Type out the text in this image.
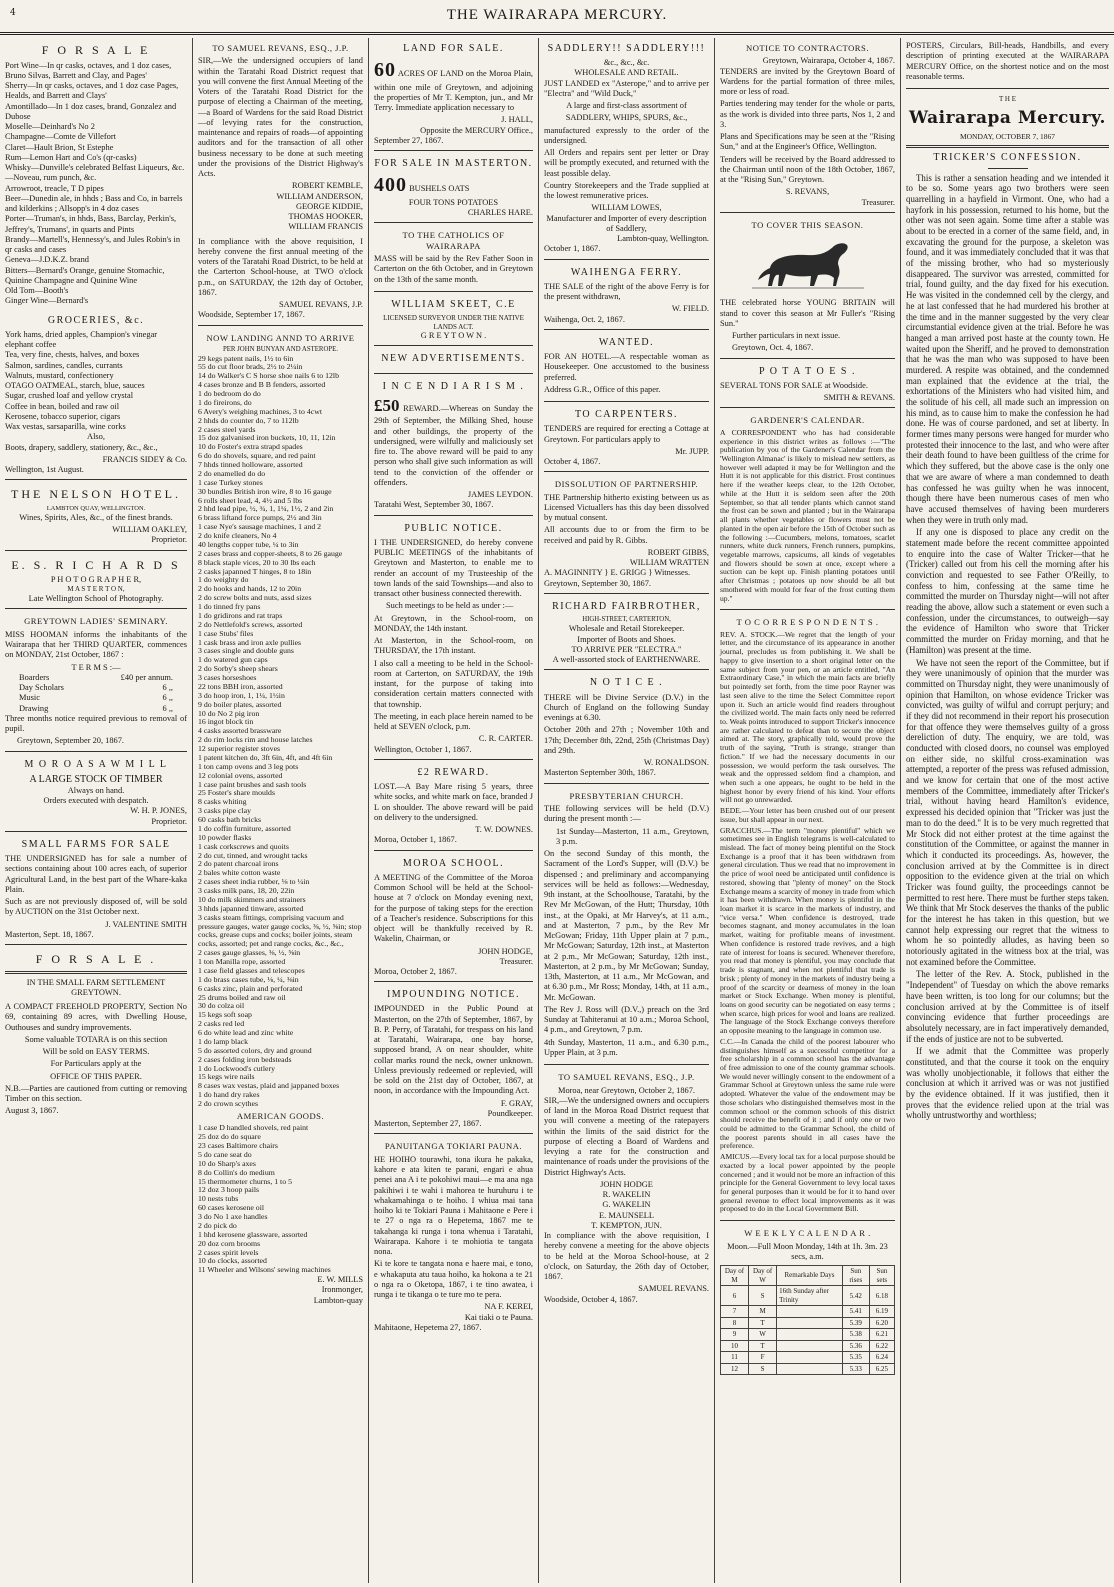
4	THE WAIRARAPA MERCURY.
F O R S A L E
Port Wine—In qr casks, octaves, and 1 doz cases, Bruno Silvas, Barrett and Clay, and Pages'
Sherry—In qr casks, octaves, and 1 doz case Pages, Healds, and Barrett and Clays'
Amontillado—In 1 doz cases, brand, Gonzalez and Dubose
Moselle—Deinhard's No 2
Champagne—Comte de Villefort
Claret—Hault Brion, St Estephe
Rum—Lemon Hart and Co's (qr-casks)
Whisky—Dunville's celebrated Belfast Liqueurs, &c.—Noveau, rum punch, &c.
Arrowroot, treacle, T D pipes
Beer—Dunedin ale, in hhds ; Bass and Co, in barrels and kilderkins ; Allsopp's in 4 doz cases
Porter—Truman's, in hhds, Bass, Barclay, Perkin's, Jeffrey's, Trumans', in quarts and Pints
Brandy—Martell's, Hennessy's, and Jules Robin's in qr casks and cases
Geneva—J.D.K.Z. brand
Bitters—Bernard's Orange, genuine Stomachic, Quinine Champagne and Quinine Wine
Old Tom—Booth's
Ginger Wine—Bernard's
GROCERIES, &c.
York hams, dried apples, Champion's vinegar elephant coffee
Tea, very fine, chests, halves, and boxes
Salmon, sardines, candles, currants
Walnuts, mustard, confectionery
OTAGO OATMEAL, starch, blue, sauces
Sugar, crushed loaf and yellow crystal
Coffee in bean, boiled and raw oil
Kerosene, tobacco superior, cigars
Wax vestas, sarsaparilla, wine corks
Also,

Boots, drapery, saddlery, stationery, &c., &c.,

FRANCIS SIDEY & Co.
Wellington, 1st August.
THE NELSON HOTEL.
LAMBTON QUAY, WELLINGTON.

Wines, Spirits, Ales, &c., of the finest brands.

WILLIAM OAKLEY,
Proprietor.
E. S. R I C H A R D S
P H O T O G R A P H E R,
M A S T E R T O N,
Late Wellington School of Photography.
GREYTOWN LADIES' SEMINARY.

MISS HOOMAN informs the inhabitants of the Wairarapa that her THIRD QUARTER, commences on MONDAY, 21st October, 1867 :

T E R M S :—
Boarders	£40 per annum.
Day Scholars	6 ,,
Music	6 ,,
Drawing	6 ,,

Three months notice required previous to removal of pupil.

Greytown, September 20, 1867.
M O R O A S A W M I L L
A LARGE STOCK OF TIMBER
Always on hand.
Orders executed with despatch.
W. H. P. JONES,
Proprietor.
SMALL FARMS FOR SALE

THE UNDERSIGNED has for sale a number of sections containing about 100 acres each, of superior Agricultural Land, in the best part of the Whare-kaka Plain.

Such as are not previously disposed of, will be sold by AUCTION on the 31st October next.

J. VALENTINE SMITH
Masterton, Sept. 18, 1867.
F O R S A L E .
IN THE SMALL FARM SETTLEMENT GREYTOWN.

A COMPACT FREEHOLD PROPERTY, Section No 69, containing 89 acres, with Dwelling House, Outhouses and sundry improvements.

Some valuable TOTARA is on this section

Will be sold on EASY TERMS.

For Particulars apply at the

OFFICE OF THIS PAPER.

N.B.—Parties are cautioned from cutting or removing Timber on this section.

August 3, 1867.
TO SAMUEL REVANS, ESQ., J.P.

SIR,—We the undersigned occupiers of land within the Taratahi Road District request that you will convene the first Annual Meeting of the Voters of the Taratahi Road District for the purpose of electing a Chairman of the meeting,—a Board of Wardens for the said Road District—of levying rates for the construction, maintenance and repairs of roads—of appointing auditors and for the transaction of all other business necessary to be done at such meeting under the provisions of the District Highway's Acts.

ROBERT KEMBLE,
WILLIAM ANDERSON,
GEORGE KIDDIE,
THOMAS HOOKER,
WILLIAM FRANCIS

In compliance with the above requisition, I hereby convene the first annual meeting of the voters of the Taratahi Road District, to be held at the Carterton School-house, at TWO o'clock p.m., on SATURDAY, the 12th day of October, 1867.

SAMUEL REVANS, J.P.
Woodside, September 17, 1867.
NOW LANDING ANND TO ARRIVE
PER JOHN BUNYAN AND ASTEROPE.
29 kegs patent nails, 1½ to 6in
55 do cut floor brads, 2½ to 2¼in
14 do Walker's C S horse shoe nails 6 to 12lb
4 cases bronze and B B fenders, assorted
1 do bedroom do do
1 do fireirons, do
6 Avery's weighing machines, 3 to 4cwt
2 hhds do counter do, 7 to 112lb
2 cases steel yards
15 doz galvanised iron buckets, 10, 11, 12in
10 do Foster's extra strapd spades
6 do do shovels, square, and red paint
7 hhds tinned holloware, assorted
2 do enamelled do do
1 case Turkey stones
30 bundles British iron wire, 8 to 16 gauge
6 rolls sheet lead, 4, 4½ and 5 lbs
2 hhd lead pipe, ½, ¾, 1, 1¼, 1½, 2 and 2in
6 brass liftand force pumps, 2½ and 3in
1 case Nye's sausage machines, 1 and 2
2 do knife cleaners, No 4
40 lengths copper tube, ¼ to 3in
2 cases brass and copper-sheets, 8 to 26 gauge
8 black staple vices, 20 to 30 lbs each
2 casks japanned T hinges, 8 to 18in
1 do weighty do
2 do hooks and hands, 12 to 20in
2 do screw bolts and nuts, assd sizes
1 do tinned fry pans
1 do gridirons and rat traps
2 do Nettlefold's screws, assorted
1 case Stubs' files
1 cask brass and iron axle pullies
3 cases single and double guns
1 do watered gun caps
2 do Sorby's sheep shears
3 cases horseshoes
22 tons BBH iron, assorted
3 do hoop iron, 1, 1¼, 1½in
9 do boiler plates, assorted
10 do No 2 pig iron
16 ingot block tin
4 casks assorted brassware
2 do rim locks rim and house latches
12 superior register stoves
1 patent kitchen do, 3ft 6in, 4ft, and 4ft 6in
1 ton camp ovens and 3 leg pots
12 colonial ovens, assorted
1 case paint brushes and sash tools
25 Foster's share moulds
8 casks whiting
3 casks pipe clay
60 casks bath bricks
1 do coffin furniture, assorted
10 powder flasks
1 cask corkscrews and quoits
2 do cut, tinned, and wrought tacks
2 do patent charcoal irons
2 bales white cotton waste
2 cases sheet india rubber, ⅛ to ¼in
3 casks milk pans, 18, 20, 22in
10 do milk skimmers and strainers
3 hhds japanned tinware, assorted
3 casks steam fittings, comprising vacuum and pressure gauges, water gauge cocks, ⅜, ½, ⅝in; stop cocks, grease cups and cocks; boiler joints, steam cocks, assorted; pet and range cocks, &c., &c.,
2 cases gauge glasses, ⅜, ½, ⅝in
1 ton Manilla rope, assorted
1 case field glasses and telescopes
1 do brass cases tube, ⅛, ¼, ⅜in
6 casks zinc, plain and perforated
25 drums boiled and raw oil
30 do colza oil
15 kegs soft soap
2 casks red led
6 do white lead and zinc white
1 do lamp black
5 do assorted colors, dry and ground
2 cases folding iron bedsteads
1 do Lockwood's cutlery
15 kegs wire nails
8 cases wax vestas, plaid and jappaned boxes
1 do hand dry rakes
2 do crown scythes
AMERICAN GOODS.
1 case D handled shovels, red paint
25 doz do do square
23 cases Baltimore chairs
5 do cane seat do
10 do Sharp's axes
8 do Collin's do medium
15 thermometer churns, 1 to 5
12 doz 3 hoop pails
10 nests tubs
60 cases kerosene oil
3 do No 1 axe handles
2 do pick do
1 hhd kerosene glassware, assorted
20 doz corn brooms
2 cases spirit levels
10 do clocks, assorted
11 Wheeler and Wilsons' sewing machines
E. W. MILLS
Ironmonger,
Lambton-quay
LAND FOR SALE.

60 ACRES OF LAND on the Moroa Plain, within one mile of Greytown, and adjoining the properties of Mr T. Kempton, jun., and Mr Terry. Immediate application necessary to

J. HALL,
Opposite the MERCURY Office.,
September 27, 1867.
FOR SALE IN MASTERTON.
400 BUSHELS OATS
FOUR TONS POTATOES
CHARLES HARE.
TO THE CATHOLICS OF WAIRARAPA

MASS will be said by the Rev Father Soon in Carterton on the 6th October, and in Greytown on the 13th of the same month.

WILLIAM SKEET, C.E
LICENSED SURVEYOR UNDER THE NATIVE LANDS ACT.
G R E Y T O W N .
NEW ADVERTISEMENTS.
I N C E N D I A R I S M .

£50 REWARD.—Whereas on Sunday the 29th of September, the Milking Shed, house and other buildings, the property of the undersigned, were wilfully and maliciously set fire to. The above reward will be paid to any person who shall give such information as will tend to the conviction of the offender or offenders.

JAMES LEYDON.
Taratahi West, September 30, 1867.
PUBLIC NOTICE.

I THE UNDERSIGNED, do hereby convene PUBLIC MEETINGS of the inhabitants of Greytown and Masterton, to enable me to render an account of my Trusteeship of the town lands of the said Townships—and also to transact other business connected therewith.

Such meetings to be held as under :—

At Greytown, in the School-room, on MONDAY, the 14th instant.

At Masterton, in the School-room, on THURSDAY, the 17th instant.

I also call a meeting to be held in the School-room at Carterton, on SATURDAY, the 19th instant, for the purpose of taking into consideration certain matters connected with that township.

The meeting, in each place herein named to be held at SEVEN o'clock, p.m.

C. R. CARTER.
Wellington, October 1, 1867.
£2 REWARD.

LOST.—A Bay Mare rising 5 years, three white socks, and white mark on face, branded J L on shoulder. The above reward will be paid on delivery to the undersigned.

T. W. DOWNES.
Moroa, October 1, 1867.
MOROA SCHOOL.

A MEETING of the Committee of the Moroa Common School will be held at the School-house at 7 o'clock on Monday evening next, for the purpose of taking steps for the erection of a Teacher's residence. Subscriptions for this object will be thankfully received by R. Wakelin, Chairman, or

JOHN HODGE,
Treasurer.
Moroa, October 2, 1867.
IMPOUNDING NOTICE.

IMPOUNDED in the Public Pound at Masterton, on the 27th of September, 1867, by B. P. Perry, of Taratahi, for trespass on his land at Taratahi, Wairarapa, one bay horse, supposed brand, A on near shoulder, white collar marks round the neck, owner unknown. Unless previously redeemed or replevied, will be sold on the 21st day of October, 1867, at noon, in accordance with the Impounding Act.

F. GRAY,
Poundkeeper.
Masterton, September 27, 1867.
PANUITANGA TOKIARI PAUNA.

HE HOIHO tourawhi, tona ikura he pakaka, kahore e ata kiten te parani, engari e ahua penei ana A i te pokohiwi maui—e ma ana nga pakihiwi i te wahi i mahorea te huruhuru i te whakamahinga o te hoiho. I whiua mai tana hoiho ki te Tokiari Pauna i Mahitaone e Pere i te 27 o nga ra o Hepetema, 1867 me te takahanga ki runga i tona whenua i Taratahi, Wairarapa. Kahore i te mohiotia te tangata nona.

Ki te kore te tangata nona e haere mai, e tono, e whakaputa atu taua hoiho, ka hokona a te 21 o nga ra o Oketopa, 1867, i te tino awatea, i runga i te tikanga o te ture mo te pera.

NA F. KEREI,
Kai tiaki o te Pauna.
Mahitaone, Hepetema 27, 1867.
SADDLERY!! SADDLERY!!!
&c., &c., &c.
WHOLESALE AND RETAIL.

JUST LANDED ex "Asterope," and to arrive per "Electra" and "Wild Duck,"

A large and first-class assortment of

SADDLERY, WHIPS, SPURS, &c.,

manufactured expressly to the order of the undersigned.

All Orders and repairs sent per letter or Dray will be promptly executed, and returned with the least possible delay.

Country Storekeepers and the Trade supplied at the lowest remunerative prices.

WILLIAM LOWES,
Manufacturer and Importer of every description of Saddlery,
Lambton-quay, Wellington.
October 1, 1867.
WAIHENGA FERRY.

THE SALE of the right of the above Ferry is for the present withdrawn,

W. FIELD.
Waihenga, Oct. 2, 1867.
WANTED.

FOR AN HOTEL.—A respectable woman as Housekeeper. One accustomed to the business preferred.

Address G.R., Office of this paper.

TO CARPENTERS.

TENDERS are required for erecting a Cottage at Greytown. For particulars apply to

Mr. JUPP.
October 4, 1867.
DISSOLUTION OF PARTNERSHIP.

THE Partnership hitherto existing between us as Licensed Victuallers has this day been dissolved by mutual consent.

All accounts due to or from the firm to be received and paid by R. Gibbs.

ROBERT GIBBS,
WILLIAM WRATTEN
A. MAGINNITY } E. GRIGG } Witnesses.
Greytown, September 30, 1867.
RICHARD FAIRBROTHER,
HIGH-STREET, CARTERTON,
Wholesale and Retail Storekeeper.
Importer of Boots and Shoes.
TO ARRIVE PER "ELECTRA."
A well-assorted stock of EARTHENWARE.
N O T I C E .

THERE will be Divine Service (D.V.) in the Church of England on the following Sunday evenings at 6.30.

October 20th and 27th ; November 10th and 17th; December 8th, 22nd, 25th (Christmas Day) and 29th.

W. RONALDSON.
Masterton September 30th, 1867.
PRESBYTERIAN CHURCH.

THE following services will be held (D.V.) during the present month :—

1st Sunday—Masterton, 11 a.m., Greytown, 3 p.m.

On the second Sunday of this month, the Sacrament of the Lord's Supper, will (D.V.) be dispensed ; and preliminary and accompanying services will be held as follows:—Wednesday, 9th instant, at the Schoolhouse, Taratahi, by the Rev Mr McGowan, of the Hutt; Thursday, 10th inst., at the Opaki, at Mr Harvey's, at 11 a.m., and at Masterton, 7 p.m., by the Rev Mr McGowan; Friday, 11th Upper plain at 7 p.m., Mr McGowan; Saturday, 12th inst., at Masterton at 2 p.m., Mr McGowan; Saturday, 12th inst., Masterton, at 2 p.m., by Mr McGowan; Sunday, 13th, Masterton, at 11 a.m., Mr McGowan, and at 6.30 p.m., Mr Ross; Monday, 14th, at 11 a.m., Mr. McGowan.

The Rev J. Ross will (D.V.,) preach on the 3rd Sunday at Tahiteranui at 10 a.m.; Moroa School, 4 p.m., and Greytown, 7 p.m.

4th Sunday, Masterton, 11 a.m., and 6.30 p.m., Upper Plain, at 3 p.m.

TO SAMUEL REVANS, ESQ., J.P.
Moroa, near Greytown, October 2, 1867.

SIR,—We the undersigned owners and occupiers of land in the Moroa Road District request that you will convene a meeting of the ratepayers within the limits of the said district for the purpose of electing a Board of Wardens and levying a rate for the construction and maintenance of roads under the provisions of the District Highway's Acts.

JOHN HODGE
R. WAKELIN
G. WAKELIN
E. MAUNSELL
T. KEMPTON, JUN.

In compliance with the above requisition, I hereby convene a meeting for the above objects to be held at the Moroa School-house, at 2 o'clock, on Saturday, the 26th day of October, 1867.

SAMUEL REVANS.
Woodside, October 4, 1867.
NOTICE TO CONTRACTORS.
Greytown, Wairarapa, October 4, 1867.

TENDERS are invited by the Greytown Board of Wardens for the partial formation of three miles, more or less of road.

Parties tendering may tender for the whole or parts, as the work is divided into three parts, Nos 1, 2 and 3.

Plans and Specifications may be seen at the "Rising Sun," and at the Engineer's Office, Wellington.

Tenders will be received by the Board addressed to the Chairman until noon of the 18th October, 1867, at the "Rising Sun," Greytown.

S. REVANS,
Treasurer.
TO COVER THIS SEASON.

THE celebrated horse YOUNG BRITAIN will stand to cover this season at Mr Fuller's "Rising Sun."

Further particulars in next issue.

Greytown, Oct. 4, 1867.
P O T A T O E S .

SEVERAL TONS FOR SALE at Woodside.

SMITH & REVANS.
GARDENER'S CALENDAR.

A CORRESPONDENT who has had considerable experience in this district writes as follows :—"The publication by you of the Gardener's Calendar from the 'Wellington Almanac' is likely to mislead new settlers, as however well adapted it may be for Wellington and the Hutt it is not applicable for this district. Frost continues here if the weather keeps clear, to the 12th October, while at the Hutt it is seldom seen after the 20th September, so that all tender plants which cannot stand the frost can be sown and planted ; but in the Wairarapa all plants whether vegetables or flowers must not be planted in the open air before the 15th of October such as the following :—Cucumbers, melons, tomatoes, scarlet runners, white duck runners, French runners, pumpkins, vegetable marrows, capsicums, all kinds of vegetables and flowers should be sown at once, except where a suction can be kept up. Finish planting potatoes until after Christmas ; potatoes up now should be all but smothered with mould for fear of the frost cutting them up."

T O C O R R E S P O N D E N T S .

REV. A. STOCK.—We regret that the length of your letter, and the circumstance of its appearance in another journal, precludes us from publishing it. We shall be happy to give insertion to a short original letter on the same subject from your pen, or an article entitled, "An Extraordinary Case," in which the main facts are briefly but pointedly set forth, from the time poor Rayner was last seen alive to the time the Select Committee report upon it. Such an article would find readers throughout the civilized world. The main facts only need be referred to. Weak points introduced to support Tricker's innocence are rather calculated to defeat than to secure the object aimed at. The story, graphically told, would prove the truth of the saying, "Truth is strange, stranger than fiction." If we had the necessary documents in our possession, we would perform the task ourselves. The weak and the oppressed seldom find a champion, and when such a one appears, he ought to be held in the highest honor by every friend of his kind. Your efforts will not go unrewarded.

BEDE.—Your letter has been crushed out of our present issue, but shall appear in our next.

GRACCHUS.—The term "money plentiful" which we sometimes see in English telegrams is well-calculated to mislead. The fact of money being plentiful on the Stock Exchange is a proof that it has been withdrawn from general circulation. Thus we read that no improvement in the price of wool need be anticipated until confidence is restored, showing that "plenty of money" on the Stock Exchange means a scarcity of money in trade from which it has been withdrawn. When money is plentiful in the loan market it is scarce in the markets of industry, and "vice versa." When confidence is destroyed, trade becomes stagnant, and money accumulates in the loan market, waiting for profitable means of investment. When confidence is restored trade revives, and a high rate of interest for loans is secured. Whenever therefore, you read that money is plentiful, you may conclude that trade is stagnant, and when not plentiful that trade is brisk ; plenty of money in the markets of industry being a proof of the scarcity or dearness of money in the loan market or Stock Exchange. When money is plentiful, loans on good security can be negotiated on easy terms ; when scarce, high prices for wool and loans are realized. The language of the Stock Exchange conveys therefore an opposite meaning to the language in common use.

C.C.—In Canada the child of the poorest labourer who distinguishes himself as a successful competitor for a free scholarship in a common school has the advantage of free admission to one of the county grammar schools. We would never willingly consent to the endowment of a Grammar School at Greytown unless the same rule were adopted. Whatever the value of the endowment may be those scholars who distinguished themselves most in the common school or the common schools of this district should receive the benefit of it ; and if only one or two could be admitted to the Grammar School, the child of the poorest parents should in all cases have the preference.

AMICUS.—Every local tax for a local purpose should be exacted by a local power appointed by the people concerned ; and it would not be more an infraction of this principle for the General Government to levy local taxes for general purposes than it would be for it to hand over general revenue to effect local improvements as it was proposed to do in the Local Government Bill.

W E E K L Y C A L E N D A R .
Moon.—Full Moon Monday, 14th at 1h. 3m. 23 secs, a.m.
Day of M	Day of W	Remarkable Days	Sun rises	Sun sets
6	S	16th Sunday after Trinity	5.42	6.18
7	M		5.41	6.19
8	T		5.39	6.20
9	W		5.38	6.21
10	T		5.36	6.22
11	F		5.35	6.24
12	S		5.33	6.25

POSTERS, Circulars, Bill-heads, Handbills, and every description of printing executed at the WAIRARAPA MERCURY Office, on the shortest notice and on the most reasonable terms.

T H E
Wairarapa Mercury.
MONDAY, OCTOBER 7, 1867
TRICKER'S CONFESSION.

This is rather a sensation heading and we intended it to be so. Some years ago two brothers were seen quarrelling in a hayfield in Virmont. One, who had a hayfork in his possession, returned to his home, but the other was not seen again. Some time after a stable was about to be erected in a corner of the same field, and, in excavating the ground for the purpose, a skeleton was found, and it was immediately concluded that it was that of the missing brother, who had so mysteriously disappeared. The survivor was arrested, committed for trial, found guilty, and the day fixed for his execution. He was visited in the condemned cell by the clergy, and he at last confessed that he had murdered his brother at the time and in the manner suggested by the very clear circumstantial evidence given at the trial. Before he was hanged a man arrived post haste at the county town. He waited upon the Sheriff, and he proved to demonstration that he was the man who was supposed to have been murdered. A respite was obtained, and the condemned man explained that the evidence at the trial, the exhortations of the Ministers who had visited him, and the solitude of his cell, all made such an impression on his mind, as to cause him to make the confession he had done. He was of course pardoned, and set at liberty. In former times many persons were hanged for murder who protested their innocence to the last, and who were after their death found to have been guiltless of the crime for which they suffered, but the above case is the only one that we are aware of where a man condemned to death has confessed he was guilty when he was innocent, though there have been numerous cases of men who have accused themselves of having been murderers when they were in truth only mad.

If any one is disposed to place any credit on the statement made before the recent committee appointed to enquire into the case of Walter Tricker—that he (Tricker) called out from his cell the morning after his conviction and requested to see Father O'Reilly, to confess to him, confessing at the same time he committed the murder on Thursday night—will not after reading the above, allow such a statement or even such a confession, under the circumstances, to outweigh—say the evidence of Hamilton who swore that Tricker committed the murder on Friday morning, and that he (Hamilton) was present at the time.

We have not seen the report of the Committee, but if they were unanimously of opinion that the murder was committed on Thursday night, they were unanimously of opinion that Hamilton, on whose evidence Tricker was convicted, was guilty of wilful and corrupt perjury; and if they did not recommend in their report his prosecution for that offence they were themselves guilty of a gross dereliction of duty. The enquiry, we are told, was conducted with closed doors, no counsel was employed on either side, no skilful cross-examination was attempted, a reporter of the press was refused admission, and we know for certain that one of the most active members of the Committee, immediately after Tricker's trial, without having heard Hamilton's evidence, expressed his decided opinion that "Tricker was just the man to do the deed." It is to be very much regretted that Mr Stock did not either protest at the time against the constitution of the Committee, or against the manner in which it conducted its proceedings. As, however, the conclusion arrived at by the Committee is in direct opposition to the evidence given at the trial on which Tricker was found guilty, the proceedings cannot be permitted to rest here. There must be further steps taken. We think that Mr Stock deserves the thanks of the public for the interest he has taken in this question, but we cannot help expressing our regret that the witness to whom he so pointedly alludes, as having been so notoriously agitated in the witness box at the trial, was not examined before the Committee.

The letter of the Rev. A. Stock, published in the "Independent" of Tuesday on which the above remarks have been written, is too long for our columns; but the conclusion arrived at by the Committee is of itself convincing evidence that further proceedings are absolutely necessary, are in fact imperatively demanded, if the ends of justice are not to be subverted.

If we admit that the Committee was properly constituted, and that the course it took on the enquiry was wholly unobjectionable, it follows that either the conclusion at which it arrived was or was not justified by the evidence obtained. If it was justified, then it proves that the evidence relied upon at the trial was wholly untrustworthy and worthless;
